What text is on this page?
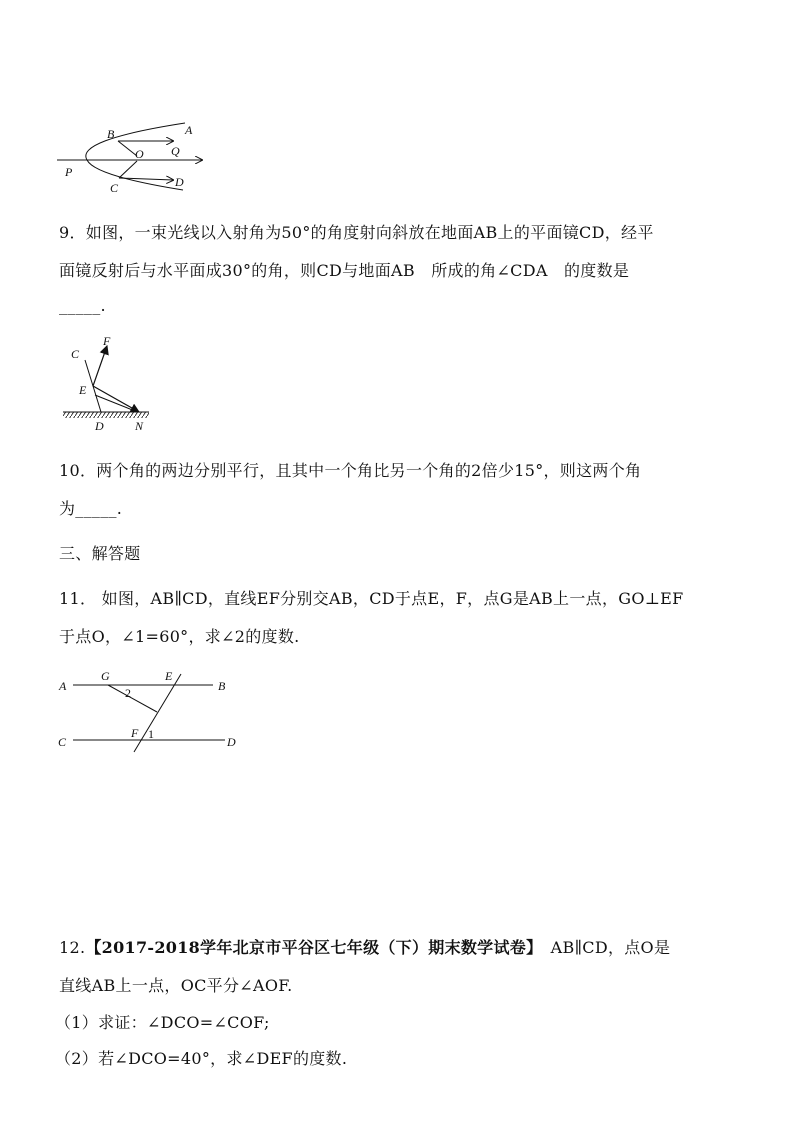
A
B
O Q
P
C	D
9．如图，一束光线以入射角为50°的角度射向斜放在地面AB上的平面镜CD，经平
面镜反射后与水平面成30°的角，则CD与地面AB　所成的角∠CDA　的度数是
_____.
C
F
E
D	N
10．两个角的两边分别平行，且其中一个角比另一个角的2倍少15°，则这两个角
为_____.
三、解答题
11． 如图，AB∥CD，直线EF分别交AB，CD于点E，F，点G是AB上一点，GO⊥EF
于点O，∠1=60°，求∠2的度数.
A
G	E
B
2
C
F 1
D
12.【2017-2018学年北京市平谷区七年级（下）期末数学试卷】　AB∥CD，点O是
直线AB上一点，OC平分∠AOF.
（1）求证：∠DCO=∠COF;
（2）若∠DCO=40°，求∠DEF的度数.
